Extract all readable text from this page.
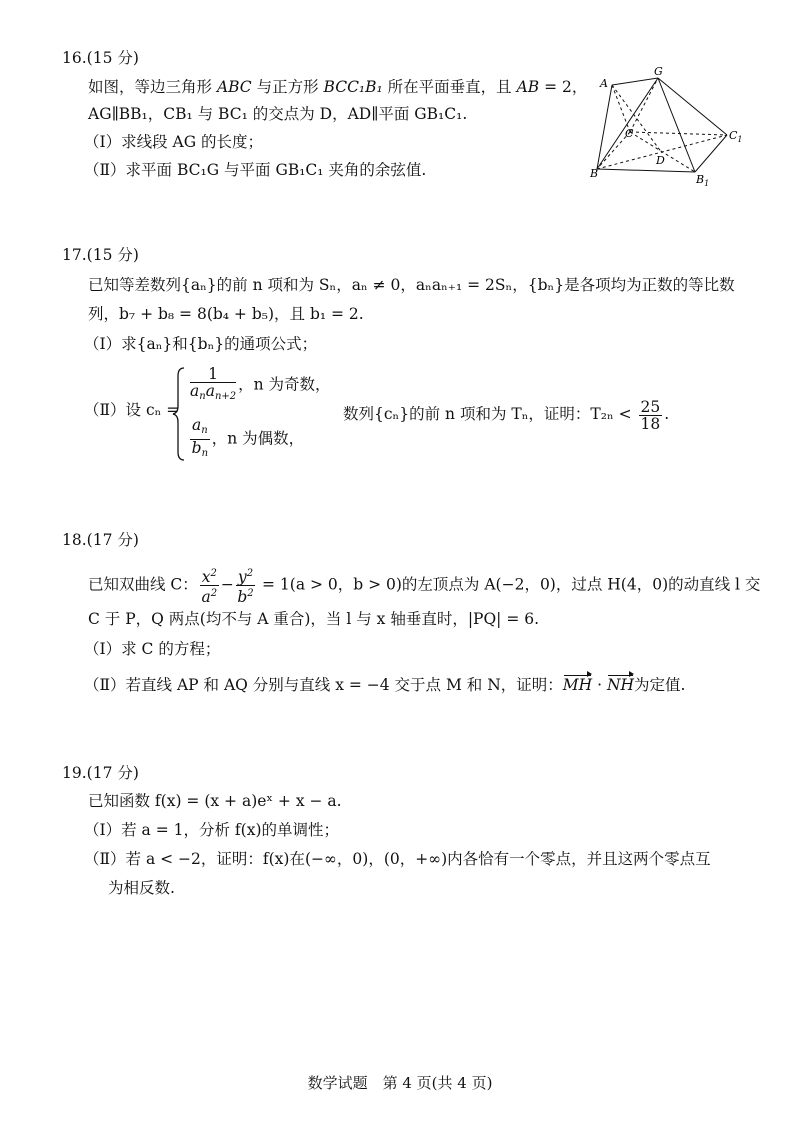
16.(15 分)
如图，等边三角形 ABC 与正方形 BCC₁B₁ 所在平面垂直，且 AB = 2，
AG∥BB₁，CB₁ 与 BC₁ 的交点为 D，AD∥平面 GB₁C₁.
（Ⅰ）求线段 AG 的长度；
（Ⅱ）求平面 BC₁G 与平面 GB₁C₁ 夹角的余弦值.
A
G
C	$C_1$
D
B	$B_1$
17.(15 分)
已知等差数列{aₙ}的前 n 项和为 Sₙ，aₙ ≠ 0，aₙaₙ₊₁ = 2Sₙ，{bₙ}是各项均为正数的等比数
列，b₇ + b₈ = 8(b₄ + b₅)，且 b₁ = 2.
（Ⅰ）求{aₙ}和{bₙ}的通项公式；
（Ⅱ）设 cₙ =
$\frac{1}{a_na_{n+2}}$ ，n 为奇数，
$\frac{a_n}{b_n}$ ，n 为偶数，
数列{cₙ}的前 n 项和为 Tₙ，证明：$T_{2n} < \frac{25}{18}$ .
18.(17 分)
已知双曲线 C： $\frac{x^2}{a^2} - \frac{y^2}{b^2} = 1(a > 0$，b > 0)的左顶点为 A(−2，0)，过点 H(4，0)的动直线 l 交
C 于 P，Q 两点(均不与 A 重合)，当 l 与 x 轴垂直时，|PQ| = 6.
（Ⅰ）求 C 的方程；
（Ⅱ）若直线 AP 和 AQ 分别与直线 x = −4 交于点 M 和 N，证明：MH · NH为定值.
19.(17 分)
已知函数 f(x) = (x + a)eˣ + x − a.
（Ⅰ）若 a = 1，分析 f(x)的单调性；
（Ⅱ）若 a < −2，证明：f(x)在(−∞，0)，(0，+∞)内各恰有一个零点，并且这两个零点互
为相反数.
数学试题　第 4 页(共 4 页)
